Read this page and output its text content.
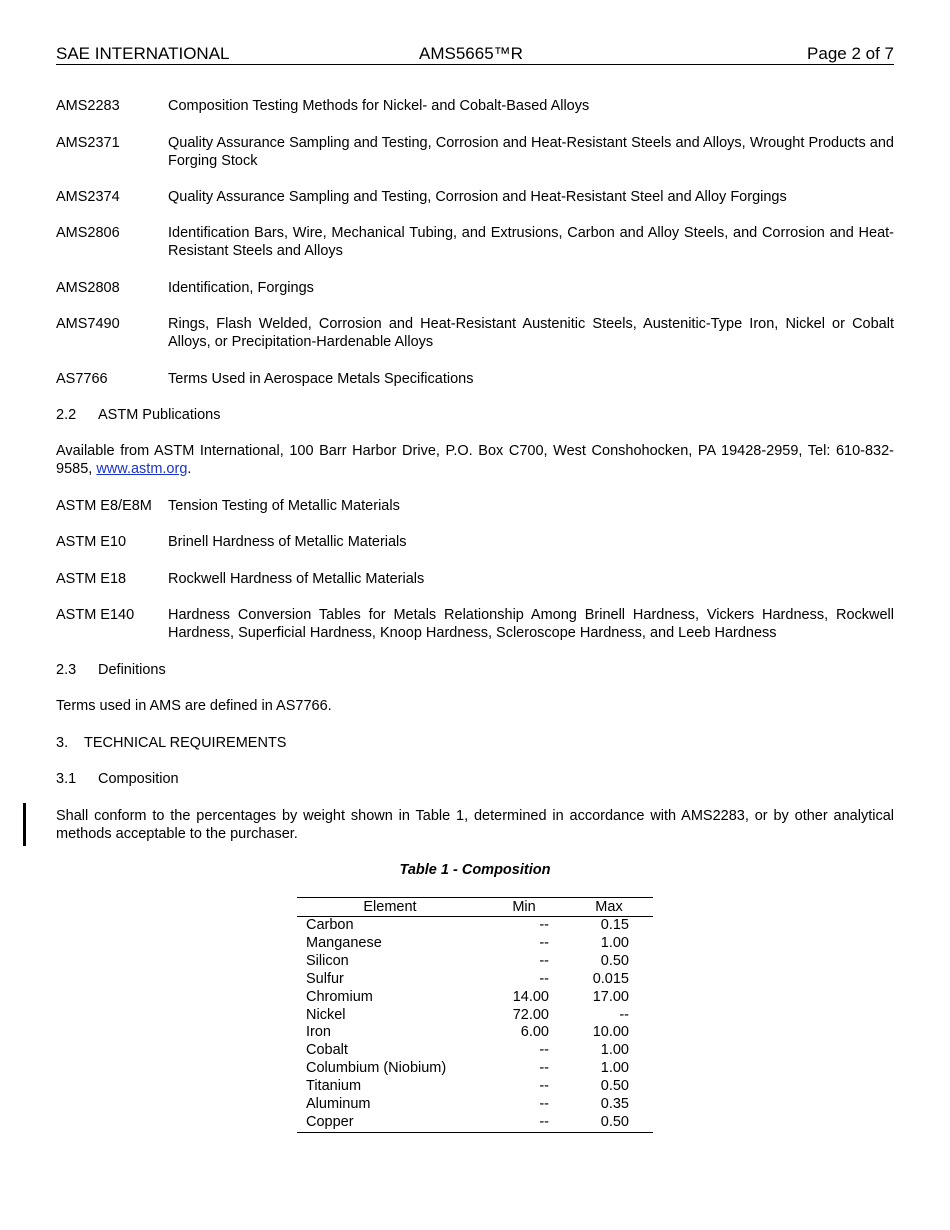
SAE INTERNATIONAL	AMS5665™R	Page 2 of 7
AMS2283	Composition Testing Methods for Nickel- and Cobalt-Based Alloys
AMS2371	Quality Assurance Sampling and Testing, Corrosion and Heat-Resistant Steels and Alloys, Wrought Products and Forging Stock
AMS2374	Quality Assurance Sampling and Testing, Corrosion and Heat-Resistant Steel and Alloy Forgings
AMS2806	Identification Bars, Wire, Mechanical Tubing, and Extrusions, Carbon and Alloy Steels, and Corrosion and Heat-Resistant Steels and Alloys
AMS2808	Identification, Forgings
AMS7490	Rings, Flash Welded, Corrosion and Heat-Resistant Austenitic Steels, Austenitic-Type Iron, Nickel or Cobalt Alloys, or Precipitation-Hardenable Alloys
AS7766	Terms Used in Aerospace Metals Specifications
2.2 ASTM Publications
Available from ASTM International, 100 Barr Harbor Drive, P.O. Box C700, West Conshohocken, PA 19428-2959, Tel: 610-832-9585, www.astm.org.
ASTM E8/E8M Tension Testing of Metallic Materials
ASTM E10	Brinell Hardness of Metallic Materials
ASTM E18	Rockwell Hardness of Metallic Materials
ASTM E140 Hardness Conversion Tables for Metals Relationship Among Brinell Hardness, Vickers Hardness, Rockwell Hardness, Superficial Hardness, Knoop Hardness, Scleroscope Hardness, and Leeb Hardness
2.3 Definitions
Terms used in AMS are defined in AS7766.
3. TECHNICAL REQUIREMENTS
3.1 Composition
Shall conform to the percentages by weight shown in Table 1, determined in accordance with AMS2283, or by other analytical methods acceptable to the purchaser.
Table 1 - Composition
Element	Min	Max
Carbon	--	0.15
Manganese	--	1.00
Silicon	--	0.50
Sulfur	--	0.015
Chromium	14.00	17.00
Nickel	72.00	--
Iron	6.00	10.00
Cobalt	--	1.00
Columbium (Niobium)	--	1.00
Titanium	--	0.50
Aluminum	--	0.35
Copper	--	0.50
